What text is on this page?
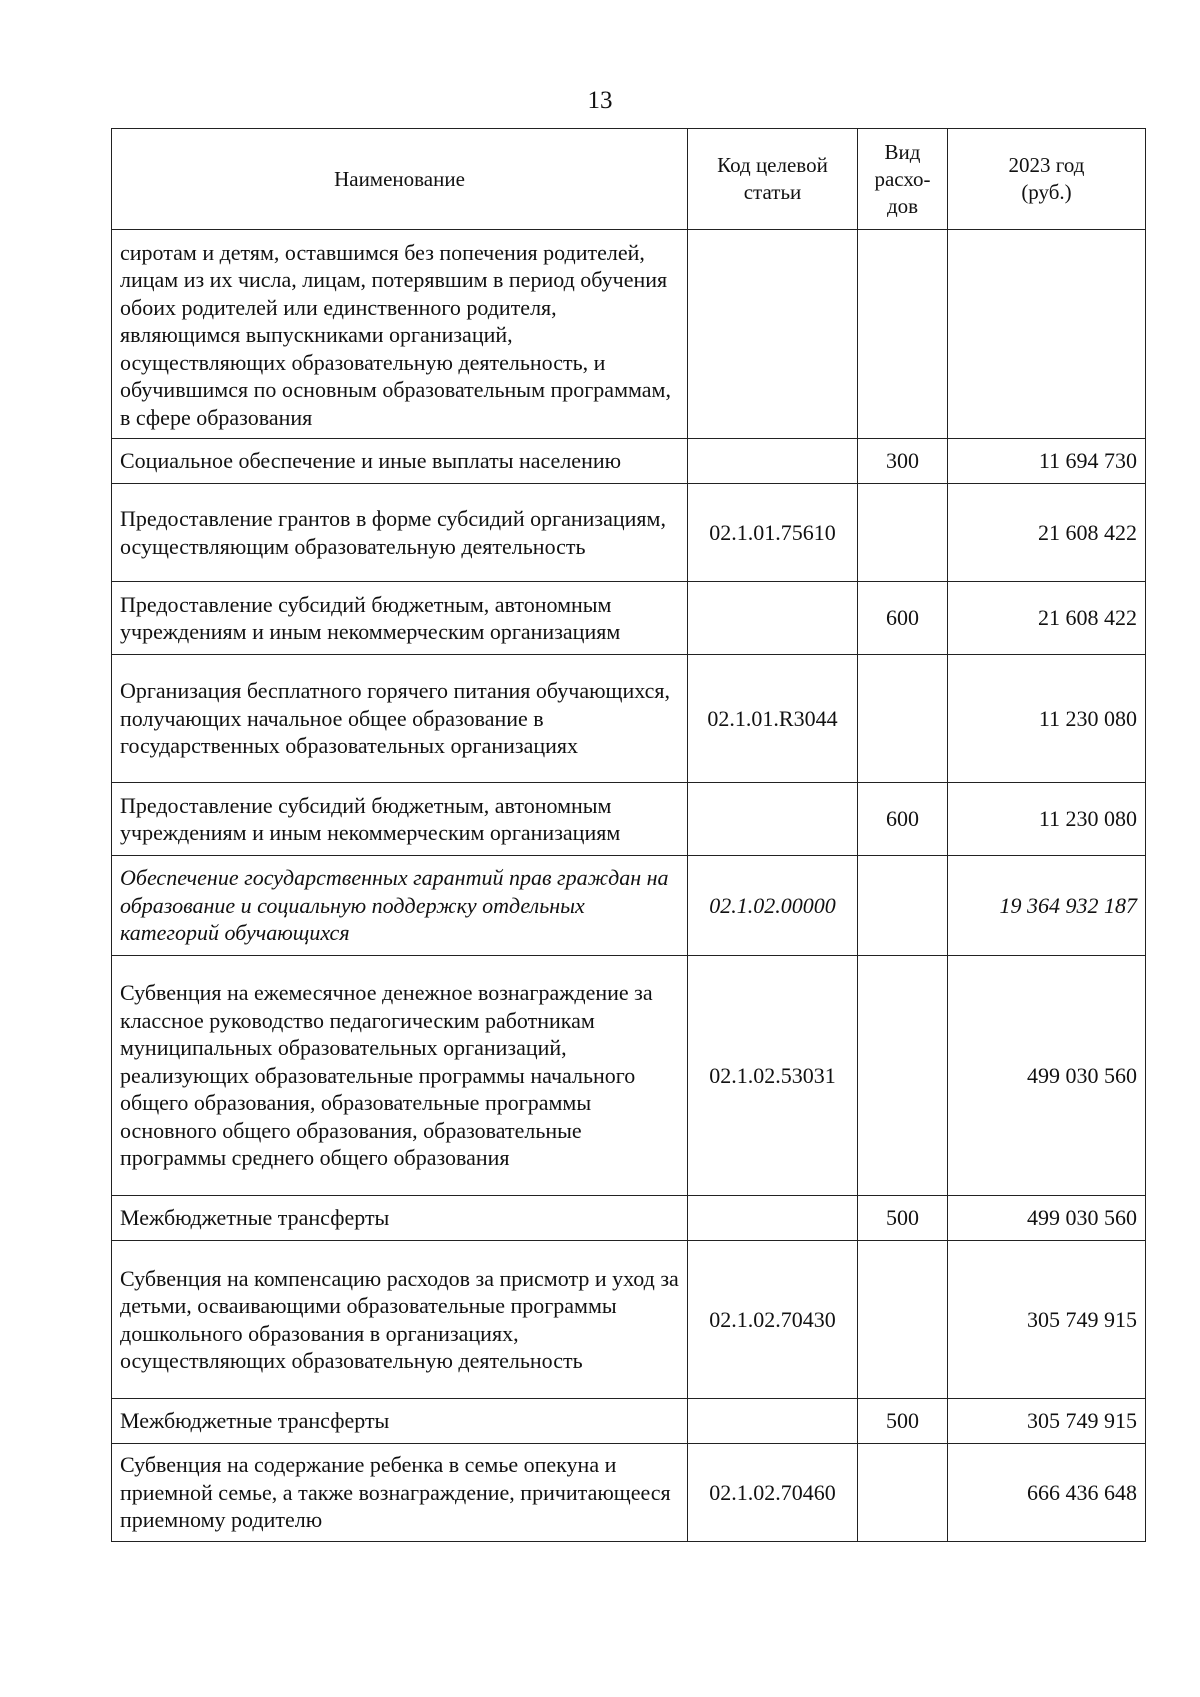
13
Наименование	Код целевой статьи	Вид расхо-дов	2023 год (руб.)
сиротам и детям, оставшимся без попечения родителей, лицам из их числа, лицам, потерявшим в период обучения обоих родителей или единственного родителя, являющимся выпускниками организаций, осуществляющих образовательную деятельность, и обучившимся по основным образовательным программам, в сфере образования			
Социальное обеспечение и иные выплаты населению		300	11 694 730
Предоставление грантов в форме субсидий организациям, осуществляющим образовательную деятельность	02.1.01.75610		21 608 422
Предоставление субсидий бюджетным, автономным учреждениям и иным некоммерческим организациям		600	21 608 422
Организация бесплатного горячего питания обучающихся, получающих начальное общее образование в государственных образовательных организациях	02.1.01.R3044		11 230 080
Предоставление субсидий бюджетным, автономным учреждениям и иным некоммерческим организациям		600	11 230 080
Обеспечение государственных гарантий прав граждан на образование и социальную поддержку отдельных категорий обучающихся	02.1.02.00000		19 364 932 187
Субвенция на ежемесячное денежное вознаграждение за классное руководство педагогическим работникам муниципальных образовательных организаций, реализующих образовательные программы начального общего образования, образовательные программы основного общего образования, образовательные программы среднего общего образования	02.1.02.53031		499 030 560
Межбюджетные трансферты		500	499 030 560
Субвенция на компенсацию расходов за присмотр и уход за детьми, осваивающими образовательные программы дошкольного образования в организациях, осуществляющих образовательную деятельность	02.1.02.70430		305 749 915
Межбюджетные трансферты		500	305 749 915
Субвенция на содержание ребенка в семье опекуна и приемной семье, а также вознаграждение, причитающееся приемному родителю	02.1.02.70460		666 436 648
